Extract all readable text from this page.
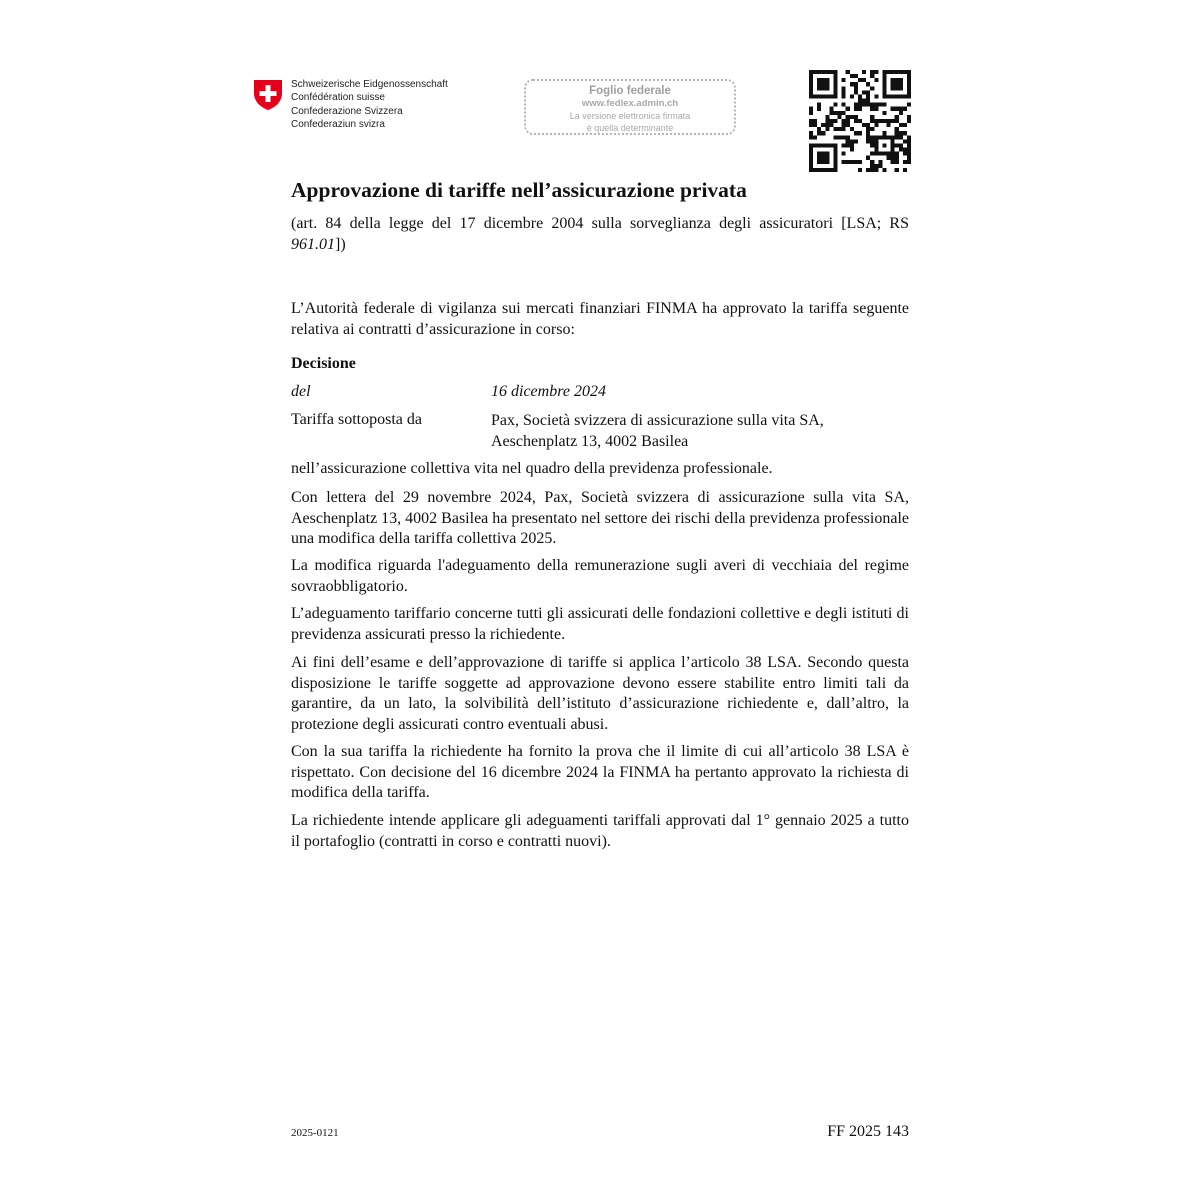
Schweizerische Eidgenossenschaft
Confédération suisse
Confederazione Svizzera
Confederaziun svizra
Foglio federale
www.fedlex.admin.ch
La versione elettronica firmata
è quella determinante
Approvazione di tariffe nell’assicurazione privata
(art. 84 della legge del 17 dicembre 2004 sulla sorveglianza degli assicuratori [LSA; RS 961.01])
L’Autorità federale di vigilanza sui mercati finanziari FINMA ha approvato la tariffa seguente relativa ai contratti d’assicurazione in corso:
Decisione
del	16 dicembre 2024
Tariffa sottoposta da	Pax, Società svizzera di assicurazione sulla vita SA,
Aeschenplatz 13, 4002 Basilea
nell’assicurazione collettiva vita nel quadro della previdenza professionale.
Con lettera del 29 novembre 2024, Pax, Società svizzera di assicurazione sulla vita SA, Aeschenplatz 13, 4002 Basilea ha presentato nel settore dei rischi della previdenza professionale una modifica della tariffa collettiva 2025.
La modifica riguarda l'adeguamento della remunerazione sugli averi di vecchiaia del regime sovraobbligatorio.
L’adeguamento tariffario concerne tutti gli assicurati delle fondazioni collettive e degli istituti di previdenza assicurati presso la richiedente.
Ai fini dell’esame e dell’approvazione di tariffe si applica l’articolo 38 LSA. Secondo questa disposizione le tariffe soggette ad approvazione devono essere stabilite entro limiti tali da garantire, da un lato, la solvibilità dell’istituto d’assicurazione richiedente e, dall’altro, la protezione degli assicurati contro eventuali abusi.
Con la sua tariffa la richiedente ha fornito la prova che il limite di cui all’articolo 38 LSA è rispettato. Con decisione del 16 dicembre 2024 la FINMA ha pertanto approvato la richiesta di modifica della tariffa.
La richiedente intende applicare gli adeguamenti tariffali approvati dal 1° gennaio 2025 a tutto il portafoglio (contratti in corso e contratti nuovi).
2025-0121	FF 2025 143
